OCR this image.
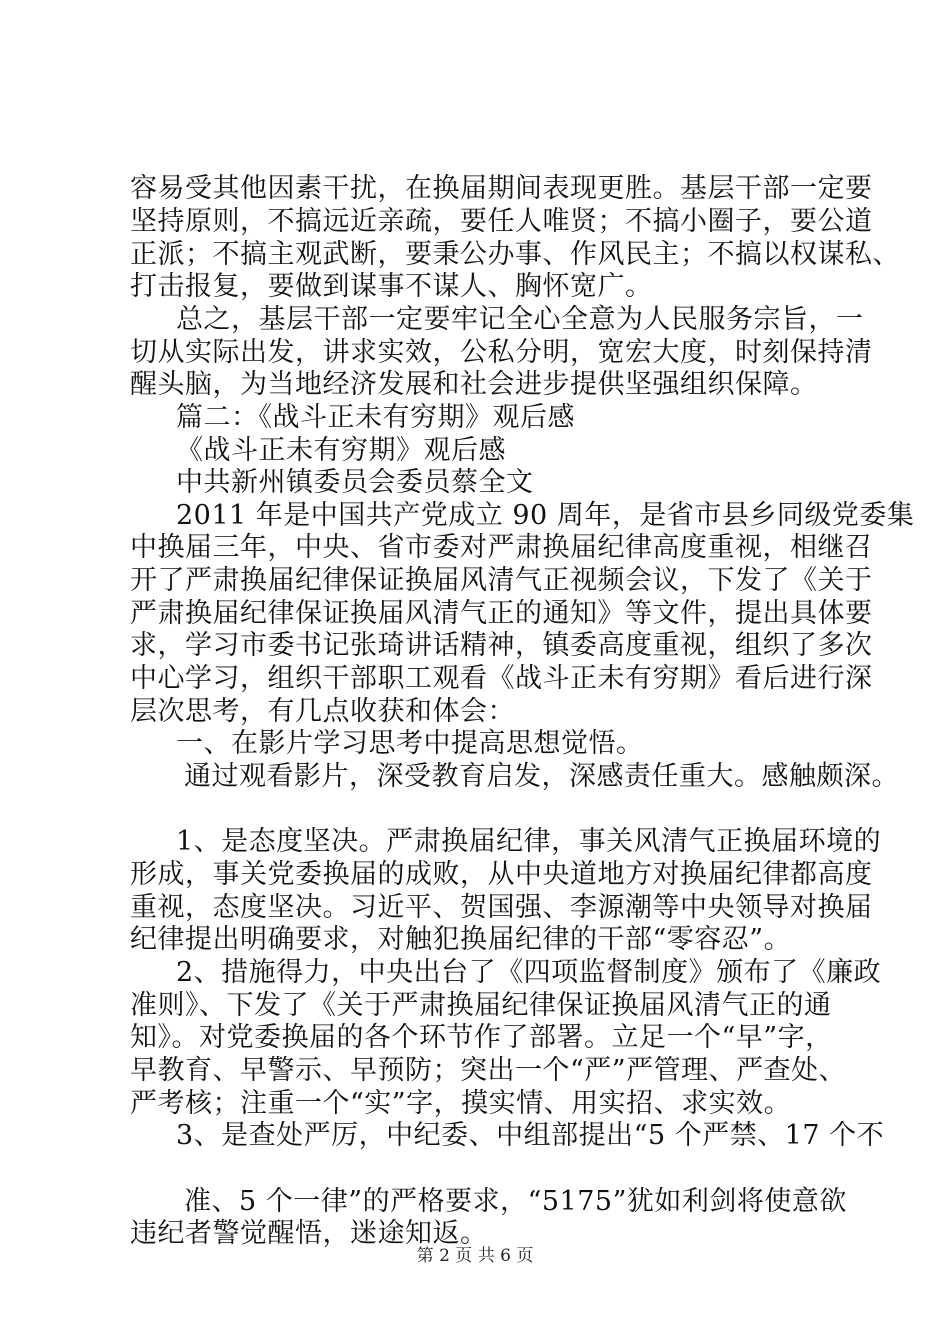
容易受其他因素干扰，在换届期间表现更胜。基层干部一定要
坚持原则，不搞远近亲疏，要任人唯贤；不搞小圈子，要公道
正派；不搞主观武断，要秉公办事、作风民主；不搞以权谋私、
打击报复，要做到谋事不谋人、胸怀宽广。
总之，基层干部一定要牢记全心全意为人民服务宗旨，一
切从实际出发，讲求实效，公私分明，宽宏大度，时刻保持清
醒头脑，为当地经济发展和社会进步提供坚强组织保障。
篇二：《战斗正未有穷期》观后感
《战斗正未有穷期》观后感
中共新州镇委员会委员蔡全文
2011 年是中国共产党成立 90 周年，是省市县乡同级党委集
中换届三年，中央、省市委对严肃换届纪律高度重视，相继召
开了严肃换届纪律保证换届风清气正视频会议，下发了《关于
严肃换届纪律保证换届风清气正的通知》等文件，提出具体要
求，学习市委书记张琦讲话精神，镇委高度重视，组织了多次
中心学习，组织干部职工观看《战斗正未有穷期》看后进行深
层次思考，有几点收获和体会：
一、在影片学习思考中提高思想觉悟。
通过观看影片，深受教育启发，深感责任重大。感触颇深。
1、是态度坚决。严肃换届纪律，事关风清气正换届环境的
形成，事关党委换届的成败，从中央道地方对换届纪律都高度
重视，态度坚决。习近平、贺国强、李源潮等中央领导对换届
纪律提出明确要求，对触犯换届纪律的干部“零容忍”。
2、措施得力，中央出台了《四项监督制度》颁布了《廉政
准则》、下发了《关于严肃换届纪律保证换届风清气正的通
知》。对党委换届的各个环节作了部署。立足一个“早”字，
早教育、早警示、早预防；突出一个“严”严管理、严查处、
严考核；注重一个“实”字，摸实情、用实招、求实效。
3、是查处严厉，中纪委、中组部提出“5 个严禁、17 个不
准、5 个一律”的严格要求，“5175”犹如利剑将使意欲
违纪者警觉醒悟，迷途知返。
第 2 页 共 6 页
